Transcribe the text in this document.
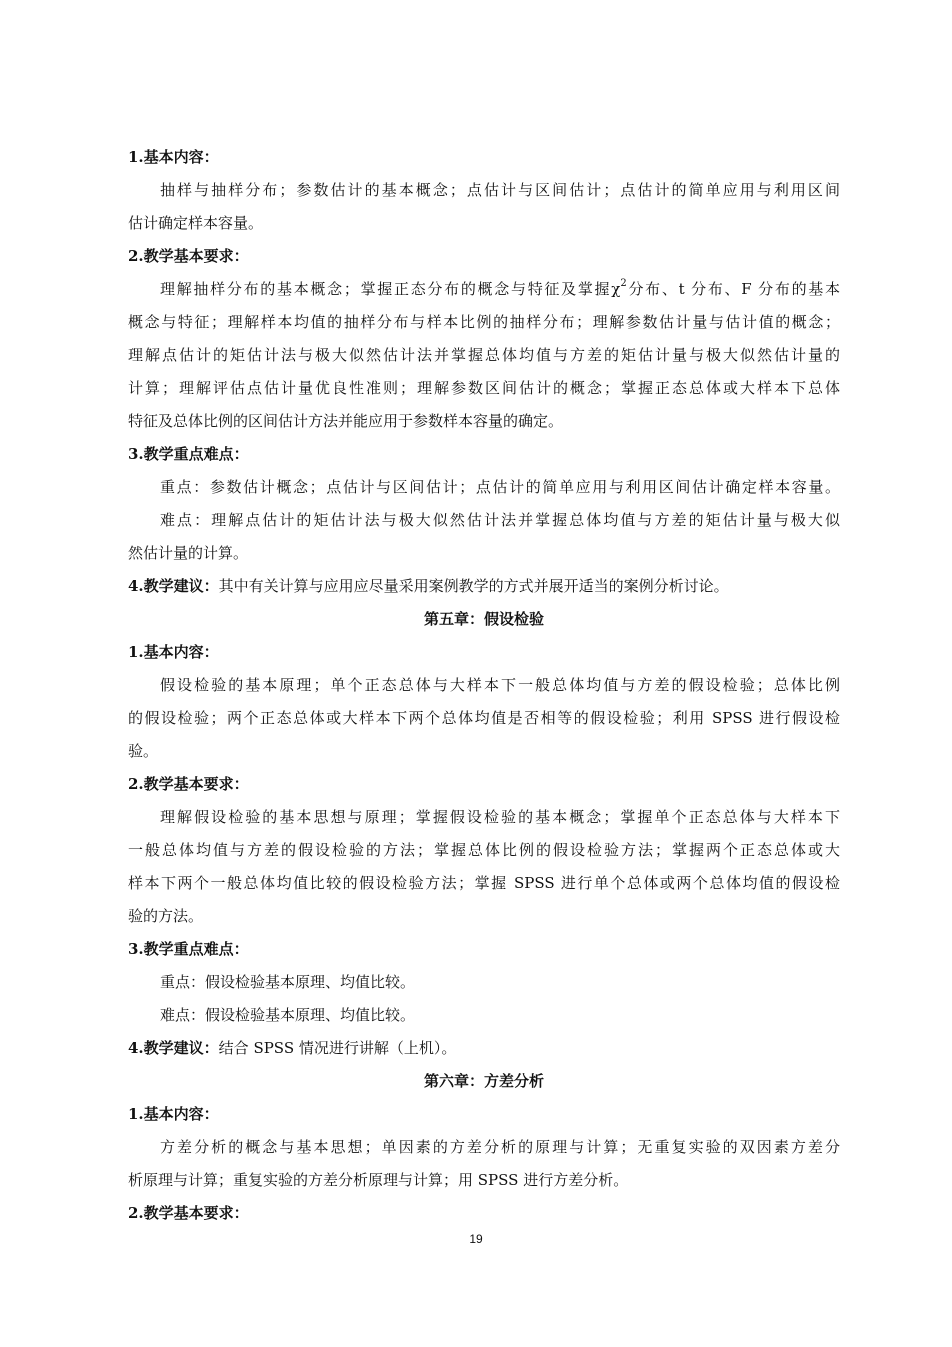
1.基本内容：
抽样与抽样分布；参数估计的基本概念；点估计与区间估计；点估计的简单应用与利用区间
估计确定样本容量。
2.教学基本要求：
理解抽样分布的基本概念；掌握正态分布的概念与特征及掌握$\chi^2$分布、t 分布、F 分布的基本
概念与特征；理解样本均值的抽样分布与样本比例的抽样分布；理解参数估计量与估计值的概念；
理解点估计的矩估计法与极大似然估计法并掌握总体均值与方差的矩估计量与极大似然估计量的
计算；理解评估点估计量优良性准则；理解参数区间估计的概念；掌握正态总体或大样本下总体
特征及总体比例的区间估计方法并能应用于参数样本容量的确定。
3.教学重点难点：
重点：参数估计概念；点估计与区间估计；点估计的简单应用与利用区间估计确定样本容量。
难点：理解点估计的矩估计法与极大似然估计法并掌握总体均值与方差的矩估计量与极大似
然估计量的计算。
4.教学建议：其中有关计算与应用应尽量采用案例教学的方式并展开适当的案例分析讨论。
第五章：假设检验
1.基本内容：
假设检验的基本原理；单个正态总体与大样本下一般总体均值与方差的假设检验；总体比例
的假设检验；两个正态总体或大样本下两个总体均值是否相等的假设检验；利用 SPSS 进行假设检
验。
2.教学基本要求：
理解假设检验的基本思想与原理；掌握假设检验的基本概念；掌握单个正态总体与大样本下
一般总体均值与方差的假设检验的方法；掌握总体比例的假设检验方法；掌握两个正态总体或大
样本下两个一般总体均值比较的假设检验方法；掌握 SPSS 进行单个总体或两个总体均值的假设检
验的方法。
3.教学重点难点：
重点：假设检验基本原理、均值比较。
难点：假设检验基本原理、均值比较。
4.教学建议：结合 SPSS 情况进行讲解（上机）。
第六章：方差分析
1.基本内容：
方差分析的概念与基本思想；单因素的方差分析的原理与计算；无重复实验的双因素方差分
析原理与计算；重复实验的方差分析原理与计算；用 SPSS 进行方差分析。
2.教学基本要求：
19
